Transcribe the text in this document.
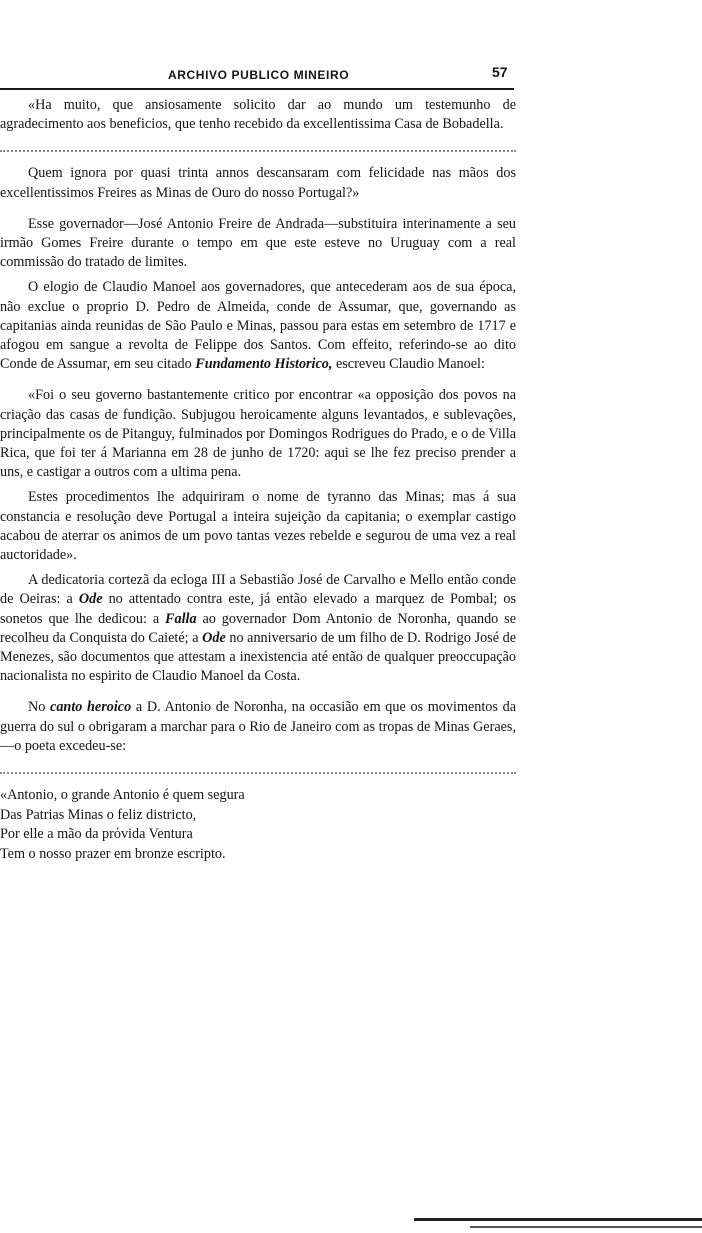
ARCHIVO PUBLICO MINEIRO	57

«Ha muito, que ansiosamente solicito dar ao mundo um testemunho de agradecimento aos beneficios, que tenho recebido da excellentissima Casa de Bobadella.

Quem ignora por quasi trinta annos descansaram com felicidade nas mãos dos excellentissimos Freires as Minas de Ouro do nosso Portugal?»

Esse governador—José Antonio Freire de Andrada—substituira interinamente a seu irmão Gomes Freire durante o tempo em que este esteve no Uruguay com a real commissão do tratado de limites.

O elogio de Claudio Manoel aos governadores, que antecederam aos de sua época, não exclue o proprio D. Pedro de Almeida, conde de Assumar, que, governando as capitanias ainda reunidas de São Paulo e Minas, passou para estas em setembro de 1717 e afogou em sangue a revolta de Felippe dos Santos. Com effeito, referindo-se ao dito Conde de Assumar, em seu citado Fundamento Historico, escreveu Claudio Manoel:

«Foi o seu governo bastantemente critico por encontrar «a opposição dos povos na criação das casas de fundição. Subjugou heroicamente alguns levantados, e sublevações, principalmente os de Pitanguy, fulminados por Domingos Rodrigues do Prado, e o de Villa Rica, que foi ter á Marianna em 28 de junho de 1720: aqui se lhe fez preciso prender a uns, e castigar a outros com a ultima pena.

Estes procedimentos lhe adquiriram o nome de tyranno das Minas; mas á sua constancia e resolução deve Portugal a inteira sujeição da capitania; o exemplar castigo acabou de aterrar os animos de um povo tantas vezes rebelde e segurou de uma vez a real auctoridade».

A dedicatoria cortezã da ecloga III a Sebastião José de Carvalho e Mello então conde de Oeiras: a Ode no attentado contra este, já então elevado a marquez de Pombal; os sonetos que lhe dedicou: a Falla ao governador Dom Antonio de Noronha, quando se recolheu da Conquista do Caieté; a Ode no anniversario de um filho de D. Rodrigo José de Menezes, são documentos que attestam a inexistencia até então de qualquer preoccupação nacionalista no espirito de Claudio Manoel da Costa.

No canto heroico a D. Antonio de Noronha, na occasião em que os movimentos da guerra do sul o obrigaram a marchar para o Rio de Janeiro com as tropas de Minas Geraes,—o poeta excedeu-se:

«Antonio, o grande Antonio é quem segura
Das Patrias Minas o feliz districto,
Por elle a mão da prόvida Ventura
Tem o nosso prazer em bronze escripto.
